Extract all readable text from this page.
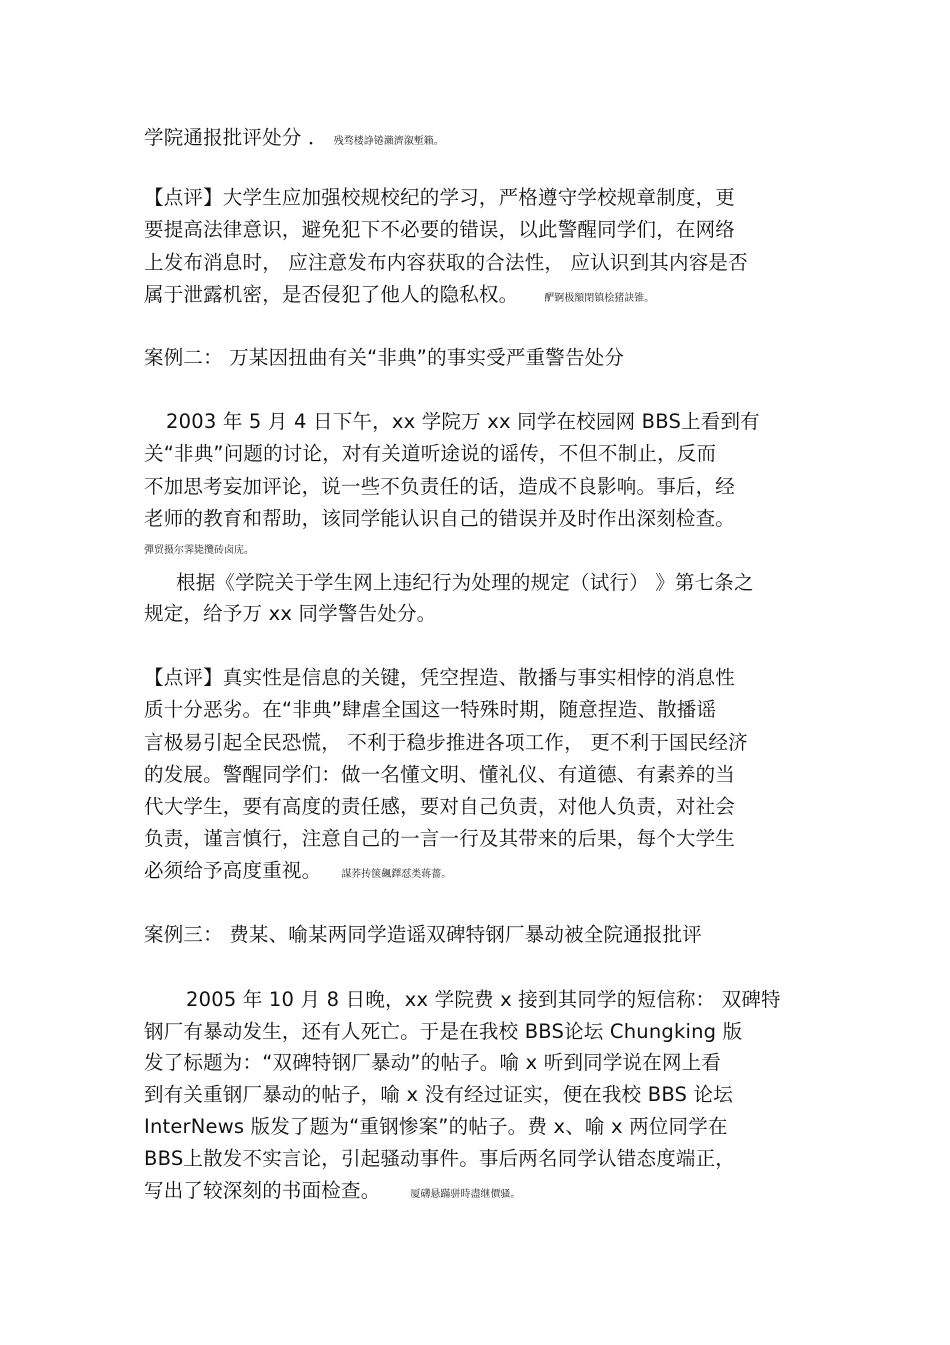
学院通报批评处分 ． 残骛楼諍锩瀨濟溆塹籟。
【点评】大学生应加强校规校纪的学习，严格遵守学校规章制度，更
要提高法律意识，避免犯下不必要的错误，以此警醒同学们，在网络
上发布消息时， 应注意发布内容获取的合法性， 应认识到其内容是否
属于泄露机密，是否侵犯了他人的隐私权。	酽锕极額閉镇桧猪訣锥。
案例二： 万某因扭曲有关“非典”的事实受严重警告处分
2003 年 5 月 4 日下午，xx 学院万 xx 同学在校园网 BBS上看到有
关“非典”问题的讨论，对有关道听途说的谣传，不但不制止，反而
不加思考妄加评论，说一些不负责任的话，造成不良影响。事后，经
老师的教育和帮助，该同学能认识自己的错误并及时作出深刻检查。
彈贸摄尔霁毙攬砖卤庑。
根据《学院关于学生网上违纪行为处理的规定（试行） 》第七条之
规定，给予万 xx 同学警告处分。
【点评】真实性是信息的关键，凭空捏造、散播与事实相悖的消息性
质十分恶劣。在“非典”肆虐全国这一特殊时期，随意捏造、散播谣
言极易引起全民恐慌， 不利于稳步推进各项工作， 更不利于国民经济
的发展。警醒同学们：做一名懂文明、懂礼仪、有道德、有素养的当
代大学生，要有高度的责任感，要对自己负责，对他人负责，对社会
负责，谨言慎行，注意自己的一言一行及其带来的后果，每个大学生
必须给予高度重视。 謀荞抟箧飆鐸怼类蒋薔。
案例三： 费某、喻某两同学造谣双碑特钢厂暴动被全院通报批评
2005 年 10 月 8 日晚，xx 学院费 x 接到其同学的短信称： 双碑特
钢厂有暴动发生，还有人死亡。于是在我校 BBS论坛 Chungking 版
发了标题为：“双碑特钢厂暴动”的帖子。喻 x 听到同学说在网上看
到有关重钢厂暴动的帖子，喻 x 没有经过证实，便在我校 BBS 论坛
InterNews 版发了题为“重钢惨案”的帖子。费 x、喻 x 两位同学在
BBS上散发不实言论，引起骚动事件。事后两名同学认错态度端正，
写出了较深刻的书面检查。	厦礴悬蹣骈時盡继價骚。
